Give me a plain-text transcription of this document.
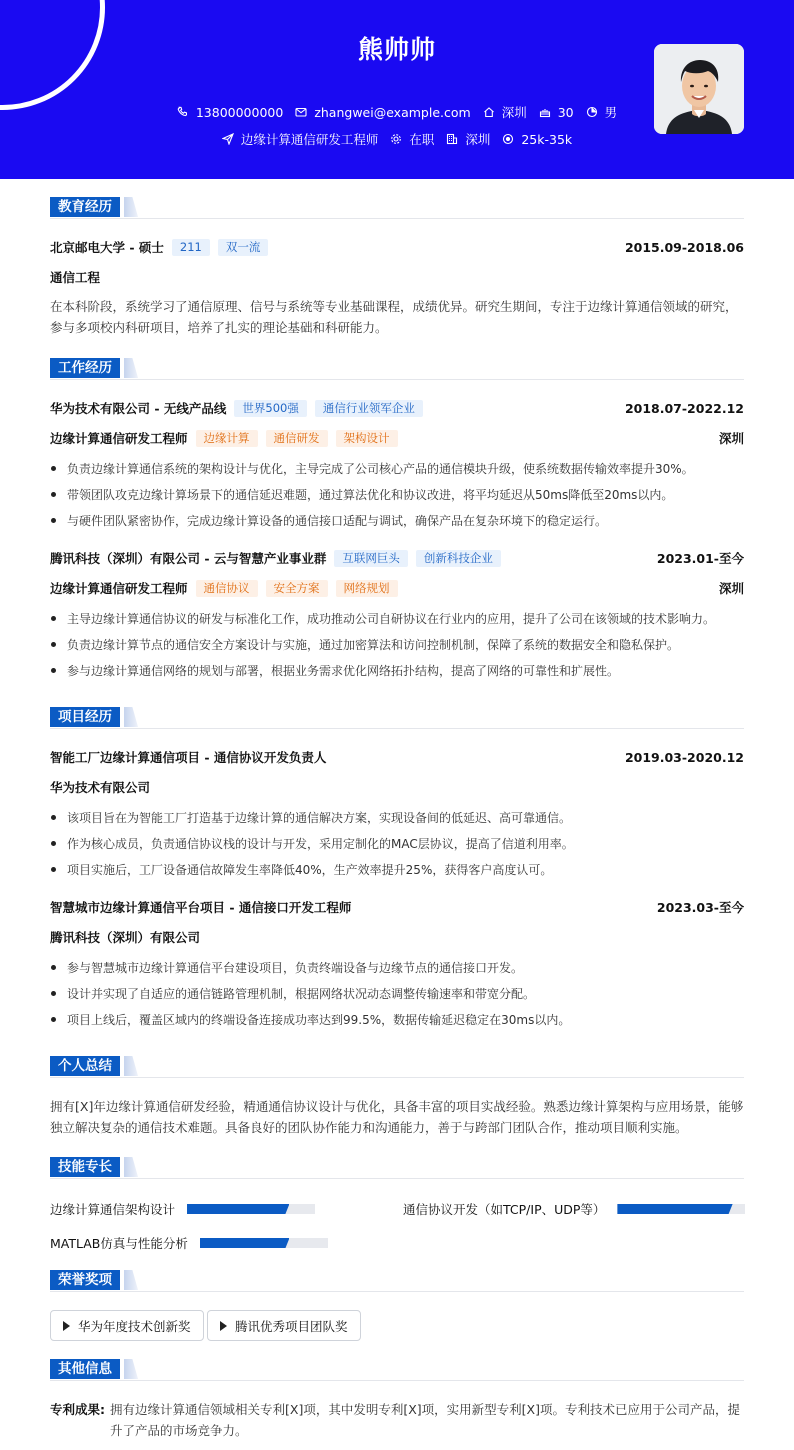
熊帅帅
13800000000 zhangwei@example.com 深圳 30 男
边缘计算通信研发工程师 在职 深圳 25k-35k
教育经历
北京邮电大学 - 硕士	211	双一流	2015.09-2018.06
通信工程
在本科阶段，系统学习了通信原理、信号与系统等专业基础课程，成绩优异。研究生期间，专注于边缘计算通信领域的研究，参与多项校内科研项目，培养了扎实的理论基础和科研能力。
工作经历
华为技术有限公司 - 无线产品线	世界500强	通信行业领军企业	2018.07-2022.12
边缘计算通信研发工程师	边缘计算	通信研发	架构设计	深圳
负责边缘计算通信系统的架构设计与优化，主导完成了公司核心产品的通信模块升级，使系统数据传输效率提升30%。
带领团队攻克边缘计算场景下的通信延迟难题，通过算法优化和协议改进，将平均延迟从50ms降低至20ms以内。
与硬件团队紧密协作，完成边缘计算设备的通信接口适配与调试，确保产品在复杂环境下的稳定运行。
腾讯科技（深圳）有限公司 - 云与智慧产业事业群	互联网巨头	创新科技企业	2023.01-至今
边缘计算通信研发工程师	通信协议	安全方案	网络规划	深圳
主导边缘计算通信协议的研发与标准化工作，成功推动公司自研协议在行业内的应用，提升了公司在该领域的技术影响力。
负责边缘计算节点的通信安全方案设计与实施，通过加密算法和访问控制机制，保障了系统的数据安全和隐私保护。
参与边缘计算通信网络的规划与部署，根据业务需求优化网络拓扑结构，提高了网络的可靠性和扩展性。
项目经历
智能工厂边缘计算通信项目 - 通信协议开发负责人	2019.03-2020.12
华为技术有限公司
该项目旨在为智能工厂打造基于边缘计算的通信解决方案，实现设备间的低延迟、高可靠通信。
作为核心成员，负责通信协议栈的设计与开发，采用定制化的MAC层协议，提高了信道利用率。
项目实施后，工厂设备通信故障发生率降低40%，生产效率提升25%，获得客户高度认可。
智慧城市边缘计算通信平台项目 - 通信接口开发工程师	2023.03-至今
腾讯科技（深圳）有限公司
参与智慧城市边缘计算通信平台建设项目，负责终端设备与边缘节点的通信接口开发。
设计并实现了自适应的通信链路管理机制，根据网络状况动态调整传输速率和带宽分配。
项目上线后，覆盖区域内的终端设备连接成功率达到99.5%，数据传输延迟稳定在30ms以内。
个人总结
拥有[X]年边缘计算通信研发经验，精通通信协议设计与优化，具备丰富的项目实战经验。熟悉边缘计算架构与应用场景，能够独立解决复杂的通信技术难题。具备良好的团队协作能力和沟通能力，善于与跨部门团队合作，推动项目顺利实施。
技能专长
边缘计算通信架构设计	通信协议开发（如TCP/IP、UDP等）
MATLAB仿真与性能分析
荣誉奖项
华为年度技术创新奖	腾讯优秀项目团队奖
其他信息
专利成果: 拥有边缘计算通信领域相关专利[X]项，其中发明专利[X]项，实用新型专利[X]项。专利技术已应用于公司产品，提升了产品的市场竞争力。
